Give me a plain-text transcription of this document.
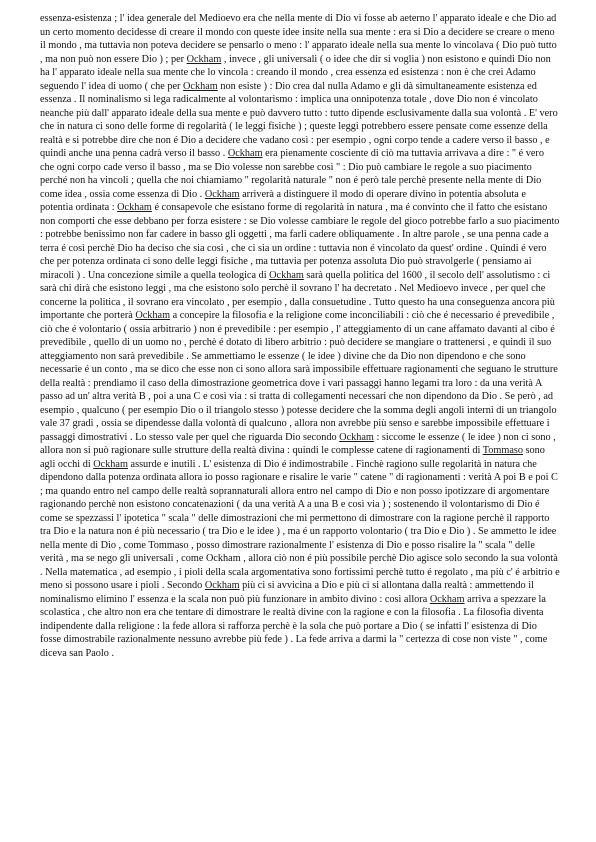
essenza-esistenza ; l' idea generale del Medioevo era che nella mente di Dio vi fosse ab aeterno l' apparato ideale e che Dio ad un certo momento decidesse di creare il mondo con queste idee insite nella sua mente : era si Dio a decidere se creare o meno il mondo , ma tuttavia non poteva decidere se pensarlo o meno : l' apparato ideale nella sua mente lo vincolava ( Dio può tutto , ma non può non essere Dio ) ; per Ockham , invece , gli universali ( o idee che dir si voglia ) non esistono e quindi Dio non ha l' apparato ideale nella sua mente che lo vincola : creando il mondo , crea essenza ed esistenza : non è che crei Adamo seguendo l' idea di uomo ( che per Ockham non esiste ) : Dio crea dal nulla Adamo e gli dà simultaneamente esistenza ed essenza . Il nominalismo si lega radicalmente al volontarismo : implica una onnipotenza totale , dove Dio non é vincolato neanche più dall' apparato ideale della sua mente e può davvero tutto : tutto dipende esclusivamente dalla sua volontà . E' vero che in natura ci sono delle forme di regolarità ( le leggi fisiche ) ; queste leggi potrebbero essere pensate come essenze della realtà e si potrebbe dire che non é Dio a decidere che vadano così : per esempio , ogni corpo tende a cadere verso il basso , e quindi anche una penna cadrà verso il basso . Ockham era pienamente cosciente di ciò ma tuttavia arrivava a dire : " é vero che ogni corpo cade verso il basso , ma se Dio volesse non sarebbe così " : Dio può cambiare le regole a suo piacimento perché non ha vincoli ; quella che noi chiamiamo " regolarità naturale " non é però tale perchè presente nella mente di Dio come idea , ossia come essenza di Dio . Ockham arriverà a distinguere il modo di operare divino in potentia absoluta e potentia ordinata : Ockham é consapevole che esistano forme di regolarità in natura , ma é convinto che il fatto che esistano non comporti che esse debbano per forza esistere : se Dio volesse cambiare le regole del gioco potrebbe farlo a suo piacimento : potrebbe benissimo non far cadere in basso gli oggetti , ma farli cadere obliquamente . In altre parole , se una penna cade a terra é così perchè Dio ha deciso che sia così , che ci sia un ordine : tuttavia non é vincolato da quest' ordine . Quindi é vero che per potenza ordinata ci sono delle leggi fisiche , ma tuttavia per potenza assoluta Dio può stravolgerle ( pensiamo ai miracoli ) . Una concezione simile a quella teologica di Ockham sarà quella politica del 1600 , il secolo dell' assolutismo : ci sarà chi dirà che esistono leggi , ma che esistono solo perchè il sovrano l' ha decretato . Nel Medioevo invece , per quel che concerne la politica , il sovrano era vincolato , per esempio , dalla consuetudine . Tutto questo ha una conseguenza ancora più importante che porterà Ockham a concepire la filosofia e la religione come inconciliabili : ciò che é necessario é prevedibile , ciò che é volontario ( ossia arbitrario ) non é prevedibile : per esempio , l' atteggiamento di un cane affamato davanti al cibo é prevedibile , quello di un uomo no , perchè é dotato di libero arbitrio : può decidere se mangiare o trattenersi , e quindi il suo atteggiamento non sarà prevedibile . Se ammettiamo le essenze ( le idee ) divine che da Dio non dipendono e che sono necessarie é un conto , ma se dico che esse non ci sono allora sarà impossibile effettuare ragionamenti che seguano le strutture della realtà : prendiamo il caso della dimostrazione geometrica dove i vari passaggi hanno legami tra loro : da una verità A passo ad un' altra verità B , poi a una C e così via : si tratta di collegamenti necessari che non dipendono da Dio . Se però , ad esempio , qualcuno ( per esempio Dio o il triangolo stesso ) potesse decidere che la somma degli angoli interni di un triangolo vale 37 gradi , ossia se dipendesse dalla volontà di qualcuno , allora non avrebbe più senso e sarebbe impossibile effettuare i passaggi dimostrativi . Lo stesso vale per quel che riguarda Dio secondo Ockham : siccome le essenze ( le idee ) non ci sono , allora non si può ragionare sulle strutture della realtà divina : quindi le complesse catene di ragionamenti di Tommaso sono agli occhi di Ockham assurde e inutili . L' esistenza di Dio é indimostrabile . Finchè ragiono sulle regolarità in natura che dipendono dalla potenza ordinata allora io posso ragionare e risalire le varie " catene " di ragionamenti : verità A poi B e poi C ; ma quando entro nel campo delle realtà soprannaturali allora entro nel campo di Dio e non posso ipotizzare di argomentare ragionando perchè non esistono concatenazioni ( da una verità A a una B e così via ) ; sostenendo il volontarismo di Dio é come se spezzassi l' ipotetica " scala " delle dimostrazioni che mi permettono di dimostrare con la ragione perchè il rapporto tra Dio e la natura non é più necessario ( tra Dio e le idee ) , ma é un rapporto volontario ( tra Dio e Dio ) . Se ammetto le idee nella mente di Dio , come Tommaso , posso dimostrare razionalmente l' esistenza di Dio e posso risalire la " scala " delle verità , ma se nego gli universali , come Ockham , allora ciò non é più possibile perchè Dio agisce solo secondo la sua volontà . Nella matematica , ad esempio , i pioli della scala argomentativa sono fortissimi perchè tutto é regolato , ma più c' é arbitrio e meno si possono usare i pioli . Secondo Ockham più ci si avvicina a Dio e più ci si allontana dalla realtà : ammettendo il nominalismo elimino l' essenza e la scala non può più funzionare in ambito divino : così allora Ockham arriva a spezzare la scolastica , che altro non era che tentare di dimostrare le realtà divine con la ragione e con la filosofia . La filosofia diventa indipendente dalla religione : la fede allora si rafforza perchè è la sola che può portare a Dio ( se infatti l' esistenza di Dio fosse dimostrabile razionalmente nessuno avrebbe più fede ) . La fede arriva a darmi la " certezza di cose non viste " , come diceva san Paolo .
